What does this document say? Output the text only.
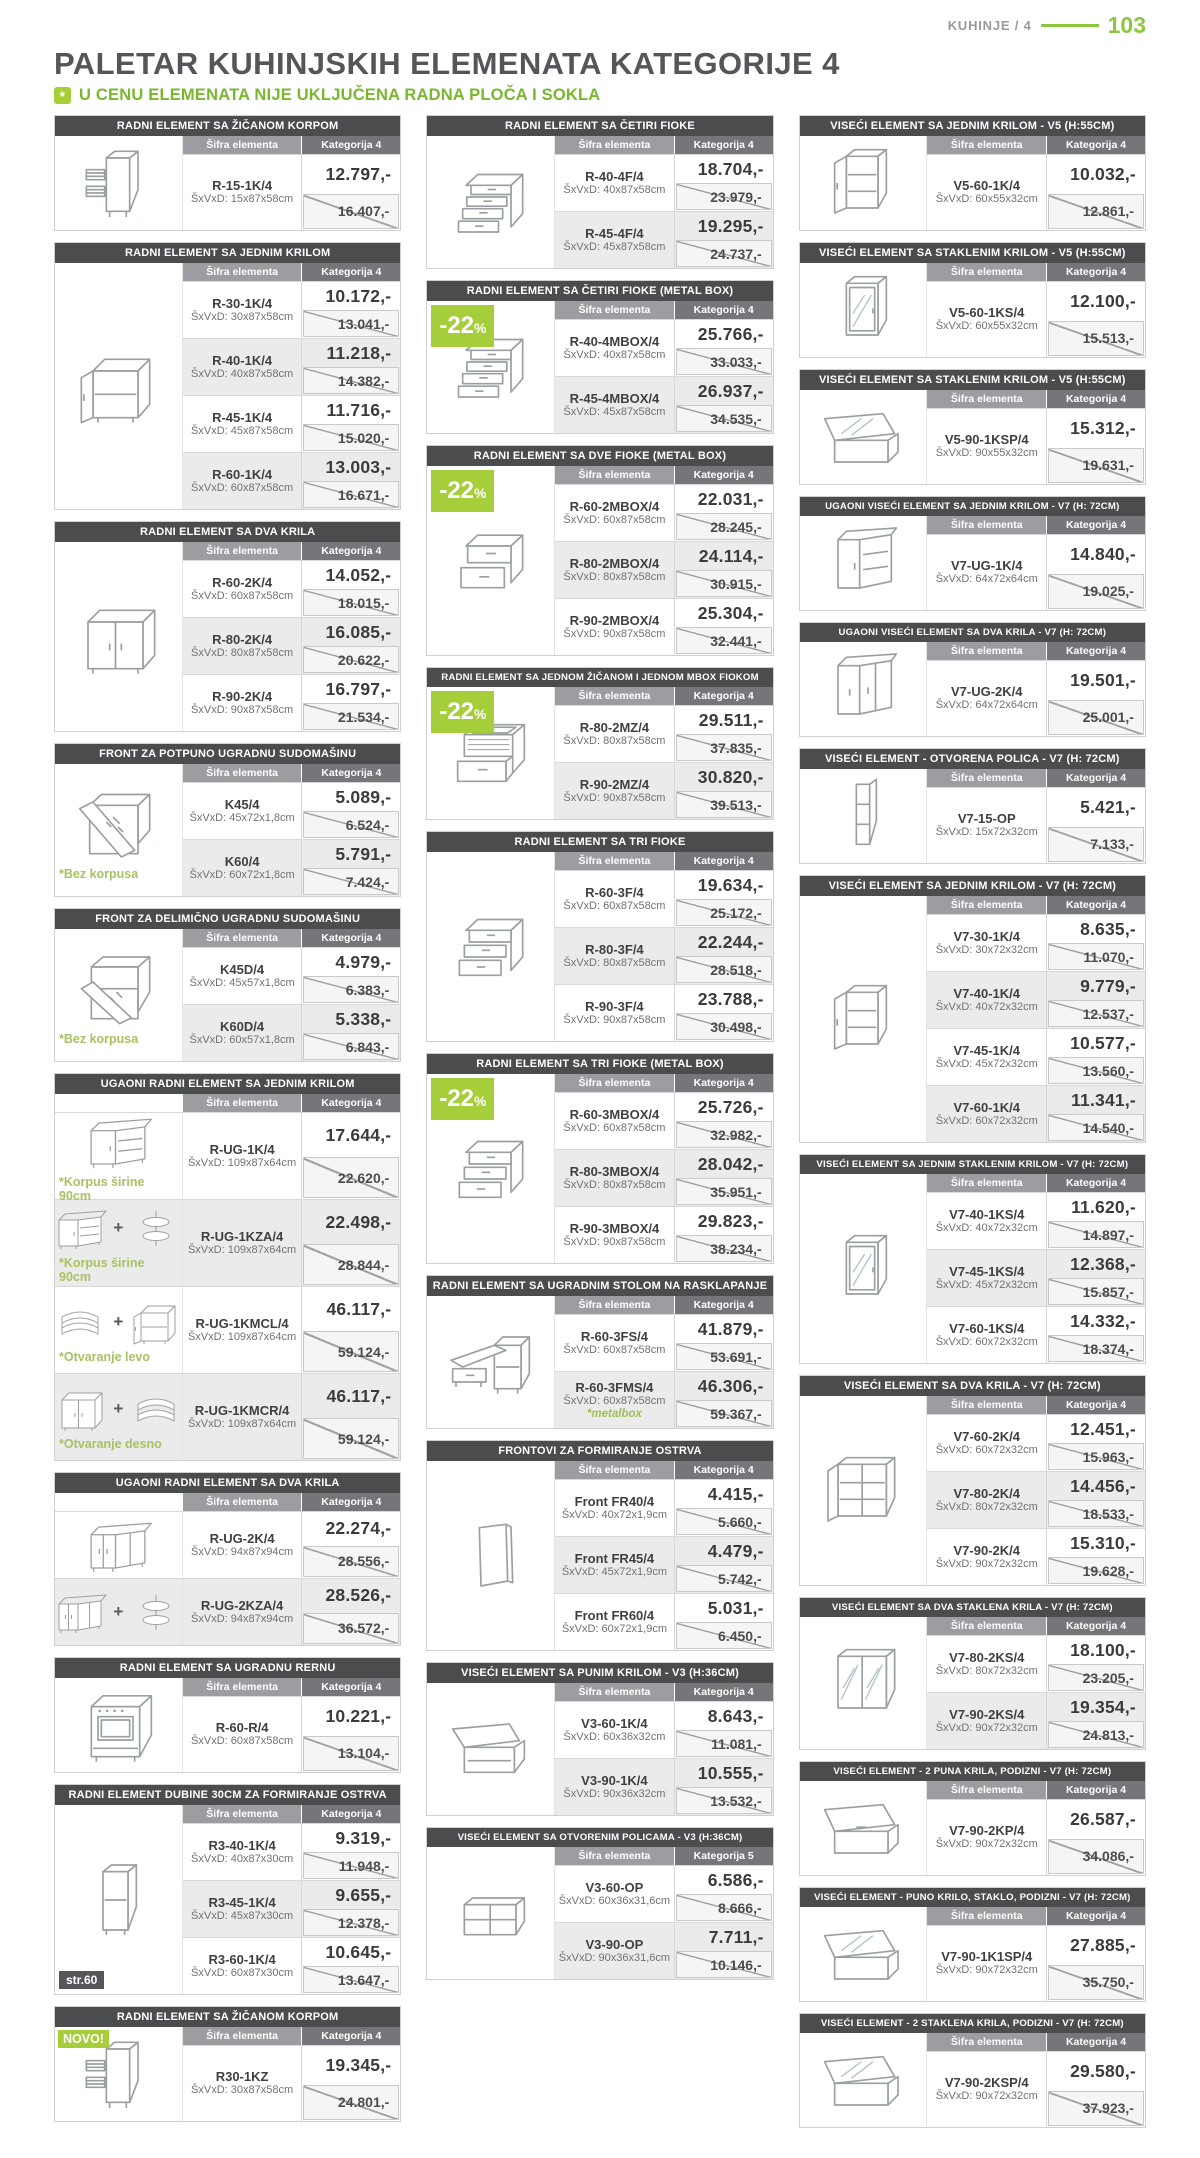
KUHINJE / 4	103
PALETAR KUHINJSKIH ELEMENATA KATEGORIJE 4
* U CENU ELEMENATA NIJE UKLJUČENA RADNA PLOČA I SOKLA
RADNI ELEMENT SA ŽIČANOM KORPOM
Šifra elementa	Kategorija 4
R-15-1K/4
ŠxVxD: 15x87x58cm
12.797,-
16.407,-
RADNI ELEMENT SA JEDNIM KRILOM
Šifra elementa	Kategorija 4
R-30-1K/4
ŠxVxD: 30x87x58cm
10.172,-
13.041,-
R-40-1K/4
ŠxVxD: 40x87x58cm
11.218,-
14.382,-
R-45-1K/4
ŠxVxD: 45x87x58cm
11.716,-
15.020,-
R-60-1K/4
ŠxVxD: 60x87x58cm
13.003,-
16.671,-
RADNI ELEMENT SA DVA KRILA
Šifra elementa	Kategorija 4
R-60-2K/4
ŠxVxD: 60x87x58cm
14.052,-
18.015,-
R-80-2K/4
ŠxVxD: 80x87x58cm
16.085,-
20.622,-
R-90-2K/4
ŠxVxD: 90x87x58cm
16.797,-
21.534,-
FRONT ZA POTPUNO UGRADNU SUDOMAŠINU
*Bez korpusa
Šifra elementa	Kategorija 4
K45/4
ŠxVxD: 45x72x1,8cm
5.089,-
6.524,-
K60/4
ŠxVxD: 60x72x1,8cm
5.791,-
7.424,-
FRONT ZA DELIMIČNO UGRADNU SUDOMAŠINU
*Bez korpusa
Šifra elementa	Kategorija 4
K45D/4
ŠxVxD: 45x57x1,8cm
4.979,-
6.383,-
K60D/4
ŠxVxD: 60x57x1,8cm
5.338,-
6.843,-
UGAONI RADNI ELEMENT SA JEDNIM KRILOM
Šifra elementa	Kategorija 4
*Korpus širine 90cm
R-UG-1K/4
ŠxVxD: 109x87x64cm
17.644,-
22.620,-
+
*Korpus širine 90cm
R-UG-1KZA/4
ŠxVxD: 109x87x64cm
22.498,-
28.844,-
+
*Otvaranje levo
R-UG-1KMCL/4
ŠxVxD: 109x87x64cm
46.117,-
59.124,-
+
*Otvaranje desno
R-UG-1KMCR/4
ŠxVxD: 109x87x64cm
46.117,-
59.124,-
UGAONI RADNI ELEMENT SA DVA KRILA
Šifra elementa	Kategorija 4
R-UG-2K/4
ŠxVxD: 94x87x94cm
22.274,-
28.556,-
+	R-UG-2KZA/4
ŠxVxD: 94x87x94cm
28.526,-
36.572,-
RADNI ELEMENT SA UGRADNU RERNU
Šifra elementa	Kategorija 4
R-60-R/4
ŠxVxD: 60x87x58cm
10.221,-
13.104,-
RADNI ELEMENT DUBINE 30CM ZA FORMIRANJE OSTRVA
str.60
Šifra elementa	Kategorija 4
R3-40-1K/4
ŠxVxD: 40x87x30cm
9.319,-
11.948,-
R3-45-1K/4
ŠxVxD: 45x87x30cm
9.655,-
12.378,-
R3-60-1K/4
ŠxVxD: 60x87x30cm
10.645,-
13.647,-
RADNI ELEMENT SA ŽIČANOM KORPOM
NOVO!	Šifra elementa	Kategorija 4
R30-1KZ
ŠxVxD: 30x87x58cm
19.345,-
24.801,-
RADNI ELEMENT SA ČETIRI FIOKE
Šifra elementa	Kategorija 4
R-40-4F/4
ŠxVxD: 40x87x58cm
18.704,-
23.979,-
R-45-4F/4
ŠxVxD: 45x87x58cm
19.295,-
24.737,-
RADNI ELEMENT SA ČETIRI FIOKE (METAL BOX)
-22%
Šifra elementa	Kategorija 4
R-40-4MBOX/4
ŠxVxD: 40x87x58cm
25.766,-
33.033,-
R-45-4MBOX/4
ŠxVxD: 45x87x58cm
26.937,-
34.535,-
RADNI ELEMENT SA DVE FIOKE (METAL BOX)
-22%
Šifra elementa	Kategorija 4
R-60-2MBOX/4
ŠxVxD: 60x87x58cm
22.031,-
28.245,-
R-80-2MBOX/4
ŠxVxD: 80x87x58cm
24.114,-
30.915,-
R-90-2MBOX/4
ŠxVxD: 90x87x58cm
25.304,-
32.441,-
RADNI ELEMENT SA JEDNOM ŽIČANOM I JEDNOM MBOX FIOKOM
-22%
Šifra elementa	Kategorija 4
R-80-2MZ/4
ŠxVxD: 80x87x58cm
29.511,-
37.835,-
R-90-2MZ/4
ŠxVxD: 90x87x58cm
30.820,-
39.513,-
RADNI ELEMENT SA TRI FIOKE
Šifra elementa	Kategorija 4
R-60-3F/4
ŠxVxD: 60x87x58cm
19.634,-
25.172,-
R-80-3F/4
ŠxVxD: 80x87x58cm
22.244,-
28.518,-
R-90-3F/4
ŠxVxD: 90x87x58cm
23.788,-
30.498,-
RADNI ELEMENT SA TRI FIOKE (METAL BOX)
-22%
Šifra elementa	Kategorija 4
R-60-3MBOX/4
ŠxVxD: 60x87x58cm
25.726,-
32.982,-
R-80-3MBOX/4
ŠxVxD: 80x87x58cm
28.042,-
35.951,-
R-90-3MBOX/4
ŠxVxD: 90x87x58cm
29.823,-
38.234,-
RADNI ELEMENT SA UGRADNIM STOLOM NA RASKLAPANJE
Šifra elementa	Kategorija 4
R-60-3FS/4
ŠxVxD: 60x87x58cm
41.879,-
53.691,-
R-60-3FMS/4
ŠxVxD: 60x87x58cm
*metalbox
46.306,-
59.367,-
FRONTOVI ZA FORMIRANJE OSTRVA
Šifra elementa	Kategorija 4
Front FR40/4
ŠxVxD: 40x72x1,9cm
4.415,-
5.660,-
Front FR45/4
ŠxVxD: 45x72x1,9cm
4.479,-
5.742,-
Front FR60/4
ŠxVxD: 60x72x1,9cm
5.031,-
6.450,-
VISEĆI ELEMENT SA PUNIM KRILOM - V3 (H:36CM)
Šifra elementa	Kategorija 4
V3-60-1K/4
ŠxVxD: 60x36x32cm
8.643,-
11.081,-
V3-90-1K/4
ŠxVxD: 90x36x32cm
10.555,-
13.532,-
VISEĆI ELEMENT SA OTVORENIM POLICAMA - V3 (H:36CM)
Šifra elementa	Kategorija 5
V3-60-OP
ŠxVxD: 60x36x31,6cm
6.586,-
8.666,-
V3-90-OP
ŠxVxD: 90x36x31,6cm
7.711,-
10.146,-
VISEĆI ELEMENT SA JEDNIM KRILOM - V5 (H:55CM)
Šifra elementa	Kategorija 4
V5-60-1K/4
ŠxVxD: 60x55x32cm
10.032,-
12.861,-
VISEĆI ELEMENT SA STAKLENIM KRILOM - V5 (H:55CM)
Šifra elementa	Kategorija 4
V5-60-1KS/4
ŠxVxD: 60x55x32cm
12.100,-
15.513,-
VISEĆI ELEMENT SA STAKLENIM KRILOM - V5 (H:55CM)
Šifra elementa	Kategorija 4
V5-90-1KSP/4
ŠxVxD: 90x55x32cm
15.312,-
19.631,-
UGAONI VISEĆI ELEMENT SA JEDNIM KRILOM - V7 (H: 72CM)
Šifra elementa	Kategorija 4
V7-UG-1K/4
ŠxVxD: 64x72x64cm
14.840,-
19.025,-
UGAONI VISEĆI ELEMENT SA DVA KRILA - V7 (H: 72CM)
Šifra elementa	Kategorija 4
V7-UG-2K/4
ŠxVxD: 64x72x64cm
19.501,-
25.001,-
VISEĆI ELEMENT - OTVORENA POLICA - V7 (H: 72CM)
Šifra elementa	Kategorija 4
V7-15-OP
ŠxVxD: 15x72x32cm
5.421,-
7.133,-
VISEĆI ELEMENT SA JEDNIM KRILOM - V7 (H: 72CM)
Šifra elementa	Kategorija 4
V7-30-1K/4
ŠxVxD: 30x72x32cm
8.635,-
11.070,-
V7-40-1K/4
ŠxVxD: 40x72x32cm
9.779,-
12.537,-
V7-45-1K/4
ŠxVxD: 45x72x32cm
10.577,-
13.560,-
V7-60-1K/4
ŠxVxD: 60x72x32cm
11.341,-
14.540,-
VISEĆI ELEMENT SA JEDNIM STAKLENIM KRILOM - V7 (H: 72CM)
Šifra elementa	Kategorija 4
V7-40-1KS/4
ŠxVxD: 40x72x32cm
11.620,-
14.897,-
V7-45-1KS/4
ŠxVxD: 45x72x32cm
12.368,-
15.857,-
V7-60-1KS/4
ŠxVxD: 60x72x32cm
14.332,-
18.374,-
VISEĆI ELEMENT SA DVA KRILA - V7 (H: 72CM)
Šifra elementa	Kategorija 4
V7-60-2K/4
ŠxVxD: 60x72x32cm
12.451,-
15.963,-
V7-80-2K/4
ŠxVxD: 80x72x32cm
14.456,-
18.533,-
V7-90-2K/4
ŠxVxD: 90x72x32cm
15.310,-
19.628,-
VISEĆI ELEMENT SA DVA STAKLENA KRILA - V7 (H: 72CM)
Šifra elementa	Kategorija 4
V7-80-2KS/4
ŠxVxD: 80x72x32cm
18.100,-
23.205,-
V7-90-2KS/4
ŠxVxD: 90x72x32cm
19.354,-
24.813,-
VISEĆI ELEMENT - 2 PUNA KRILA, PODIZNI - V7 (H: 72CM)
Šifra elementa	Kategorija 4
V7-90-2KP/4
ŠxVxD: 90x72x32cm
26.587,-
34.086,-
VISEĆI ELEMENT - PUNO KRILO, STAKLO, PODIZNI - V7 (H: 72CM)
Šifra elementa	Kategorija 4
V7-90-1K1SP/4
ŠxVxD: 90x72x32cm
27.885,-
35.750,-
VISEĆI ELEMENT - 2 STAKLENA KRILA, PODIZNI - V7 (H: 72CM)
Šifra elementa	Kategorija 4
V7-90-2KSP/4
ŠxVxD: 90x72x32cm
29.580,-
37.923,-
